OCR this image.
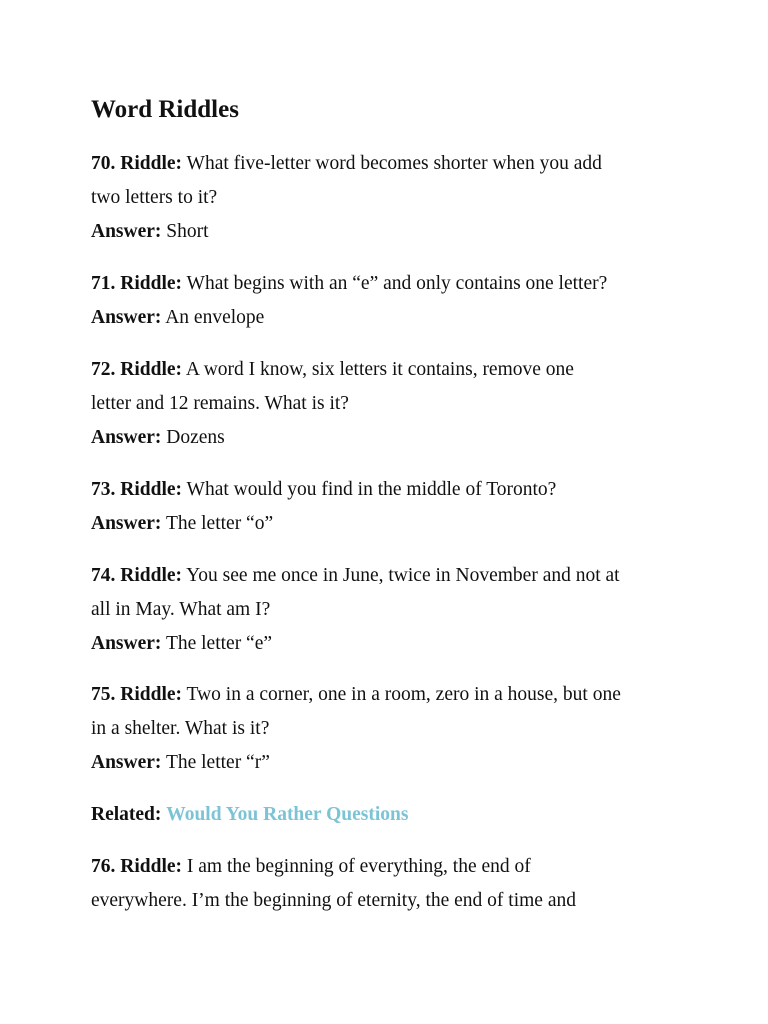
Word Riddles
70. Riddle: What five-letter word becomes shorter when you add
two letters to it?
Answer: Short
71. Riddle: What begins with an “e” and only contains one letter?
Answer: An envelope
72. Riddle: A word I know, six letters it contains, remove one
letter and 12 remains. What is it?
Answer: Dozens
73. Riddle: What would you find in the middle of Toronto?
Answer: The letter “o”
74. Riddle: You see me once in June, twice in November and not at
all in May. What am I?
Answer: The letter “e”
75. Riddle: Two in a corner, one in a room, zero in a house, but one
in a shelter. What is it?
Answer: The letter “r”
Related: Would You Rather Questions
76. Riddle: I am the beginning of everything, the end of
everywhere. I’m the beginning of eternity, the end of time and
